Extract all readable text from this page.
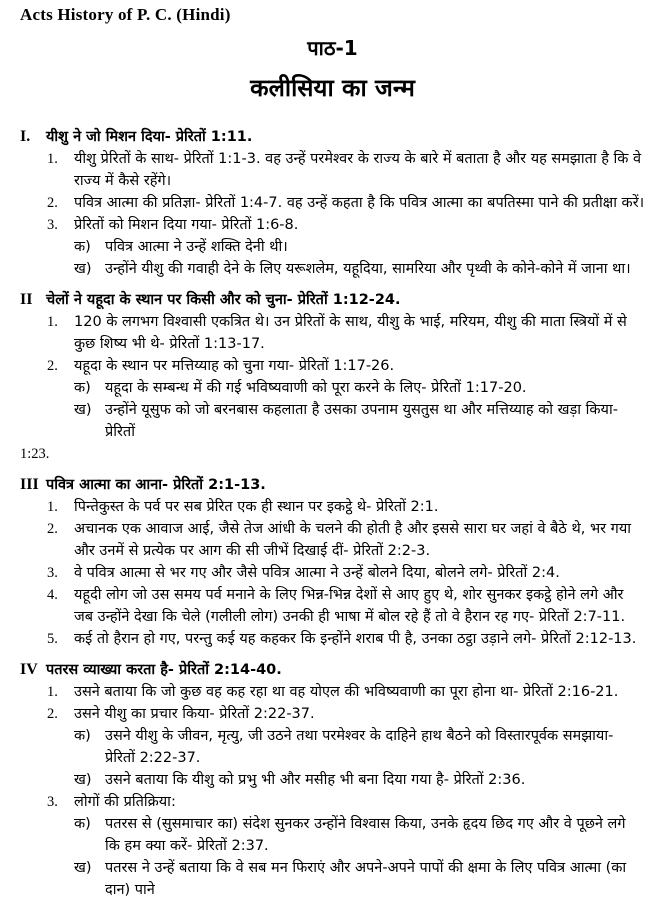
Acts History of P. C. (Hindi)
पाठ-1
कलीसिया का जन्म
I.	यीशु ने जो मिशन दिया- प्रेरितों 1:11.
1.	यीशु प्रेरितों के साथ- प्रेरितों 1:1-3. वह उन्हें परमेश्वर के राज्य के बारे में बताता है और यह समझाता है कि वे राज्य में कैसे रहेंगे।
2.	पवित्र आत्मा की प्रतिज्ञा- प्रेरितों 1:4-7. वह उन्हें कहता है कि पवित्र आत्मा का बपतिस्मा पाने की प्रतीक्षा करें।
3.	प्रेरितों को मिशन दिया गया- प्रेरितों 1:6-8.
क) पवित्र आत्मा ने उन्हें शक्ति देनी थी।
ख) उन्होंने यीशु की गवाही देने के लिए यरूशलेम, यहूदिया, सामरिया और पृथ्वी के कोने-कोने में जाना था।
II चेलों ने यहूदा के स्थान पर किसी और को चुना- प्रेरितों 1:12-24.
1.	120 के लगभग विश्वासी एकत्रित थे। उन प्रेरितों के साथ, यीशु के भाई, मरियम, यीशु की माता स्त्रियों में से कुछ शिष्य भी थे- प्रेरितों 1:13-17.
2.	यहूदा के स्थान पर मत्तिय्याह को चुना गया- प्रेरितों 1:17-26.
क) यहूदा के सम्बन्ध में की गई भविष्यवाणी को पूरा करने के लिए- प्रेरितों 1:17-20.
ख) उन्होंने यूसुफ को जो बरनबास कहलाता है उसका उपनाम युसतुस था और मत्तिय्याह को खड़ा किया- प्रेरितों
1:23.
III पवित्र आत्मा का आना- प्रेरितों 2:1-13.
1.	पिन्तेकुस्त के पर्व पर सब प्रेरित एक ही स्थान पर इकट्ठे थे- प्रेरितों 2:1.
2.	अचानक एक आवाज आई, जैसे तेज आंधी के चलने की होती है और इससे सारा घर जहां वे बैठे थे, भर गया और उनमें से प्रत्येक पर आग की सी जीभें दिखाई दीं- प्रेरितों 2:2-3.
3.	वे पवित्र आत्मा से भर गए और जैसे पवित्र आत्मा ने उन्हें बोलने दिया, बोलने लगे- प्रेरितों 2:4.
4.	यहूदी लोग जो उस समय पर्व मनाने के लिए भिन्न-भिन्न देशों से आए हुए थे, शोर सुनकर इकट्ठे होने लगे और जब उन्होंने देखा कि चेले (गलीली लोग) उनकी ही भाषा में बोल रहे हैं तो वे हैरान रह गए- प्रेरितों 2:7-11.
5.	कई तो हैरान हो गए, परन्तु कई यह कहकर कि इन्होंने शराब पी है, उनका ठट्ठा उड़ाने लगे- प्रेरितों 2:12-13.
IV पतरस व्याख्या करता है- प्रेरितों 2:14-40.
1.	उसने बताया कि जो कुछ वह कह रहा था वह योएल की भविष्यवाणी का पूरा होना था- प्रेरितों 2:16-21.
2.	उसने यीशु का प्रचार किया- प्रेरितों 2:22-37.
क) उसने यीशु के जीवन, मृत्यु, जी उठने तथा परमेश्वर के दाहिने हाथ बैठने को विस्तारपूर्वक समझाया- प्रेरितों 2:22-37.
ख) उसने बताया कि यीशु को प्रभु भी और मसीह भी बना दिया गया है- प्रेरितों 2:36.
3.	लोगों की प्रतिक्रिया:
क) पतरस से (सुसमाचार का) संदेश सुनकर उन्होंने विश्वास किया, उनके हृदय छिद गए और वे पूछने लगे कि हम क्या करें- प्रेरितों 2:37.
ख) पतरस ने उन्हें बताया कि वे सब मन फिराएं और अपने-अपने पापों की क्षमा के लिए पवित्र आत्मा (का दान) पाने
